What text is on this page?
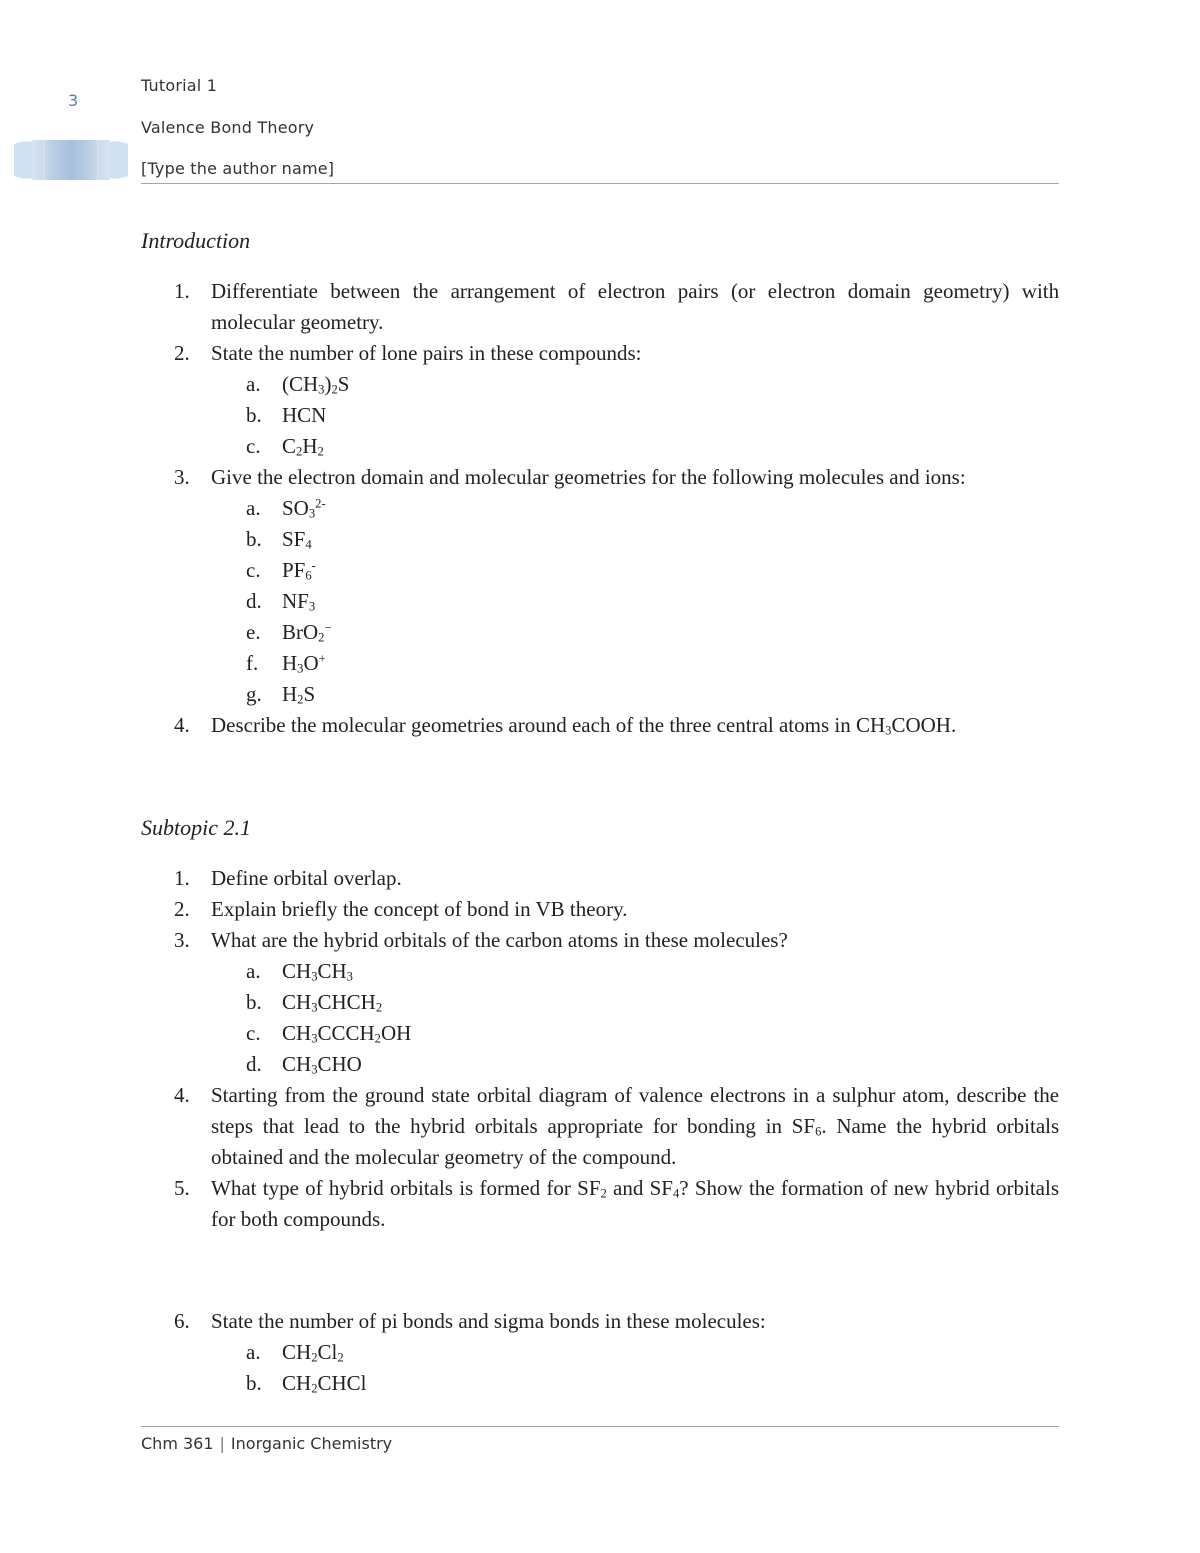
3
Tutorial 1
Valence Bond Theory
[Type the author name]
Introduction
1.	Differentiate between the arrangement of electron pairs (or electron domain geometry) with molecular geometry.
2.	State the number of lone pairs in these compounds:
a.	$(CH_3)_2S$
b. HCN
c.	$C_2H_2$
3.	Give the electron domain and molecular geometries for the following molecules and ions:
a.	$SO_3^{2-}$
b. $SF_4$
c.	$PF_6^-$
d. $NF_3$
e.	BrO$_2$−
f.	$H_3O^+$
g. $H_2S$
4.	Describe the molecular geometries around each of the three central atoms in $CH_3COOH$.
Subtopic 2.1
1.	Define orbital overlap.
2.	Explain briefly the concept of bond in VB theory.
3.	What are the hybrid orbitals of the carbon atoms in these molecules?
a.	$CH_3CH_3$
b. $CH_3CHCH_2$
c.	$CH_3CCCH_2OH$
d. $CH_3CHO$
4.	Starting from the ground state orbital diagram of valence electrons in a sulphur atom, describe the steps that lead to the hybrid orbitals appropriate for bonding in $SF_6$. Name the hybrid orbitals obtained and the molecular geometry of the compound.
5.	What type of hybrid orbitals is formed for $SF_2$ and $SF_4$? Show the formation of new hybrid orbitals for both compounds.
6.	State the number of pi bonds and sigma bonds in these molecules:
a.	$CH_2Cl_2$
b. $CH_2CHCl$
Chm 361 | Inorganic Chemistry
